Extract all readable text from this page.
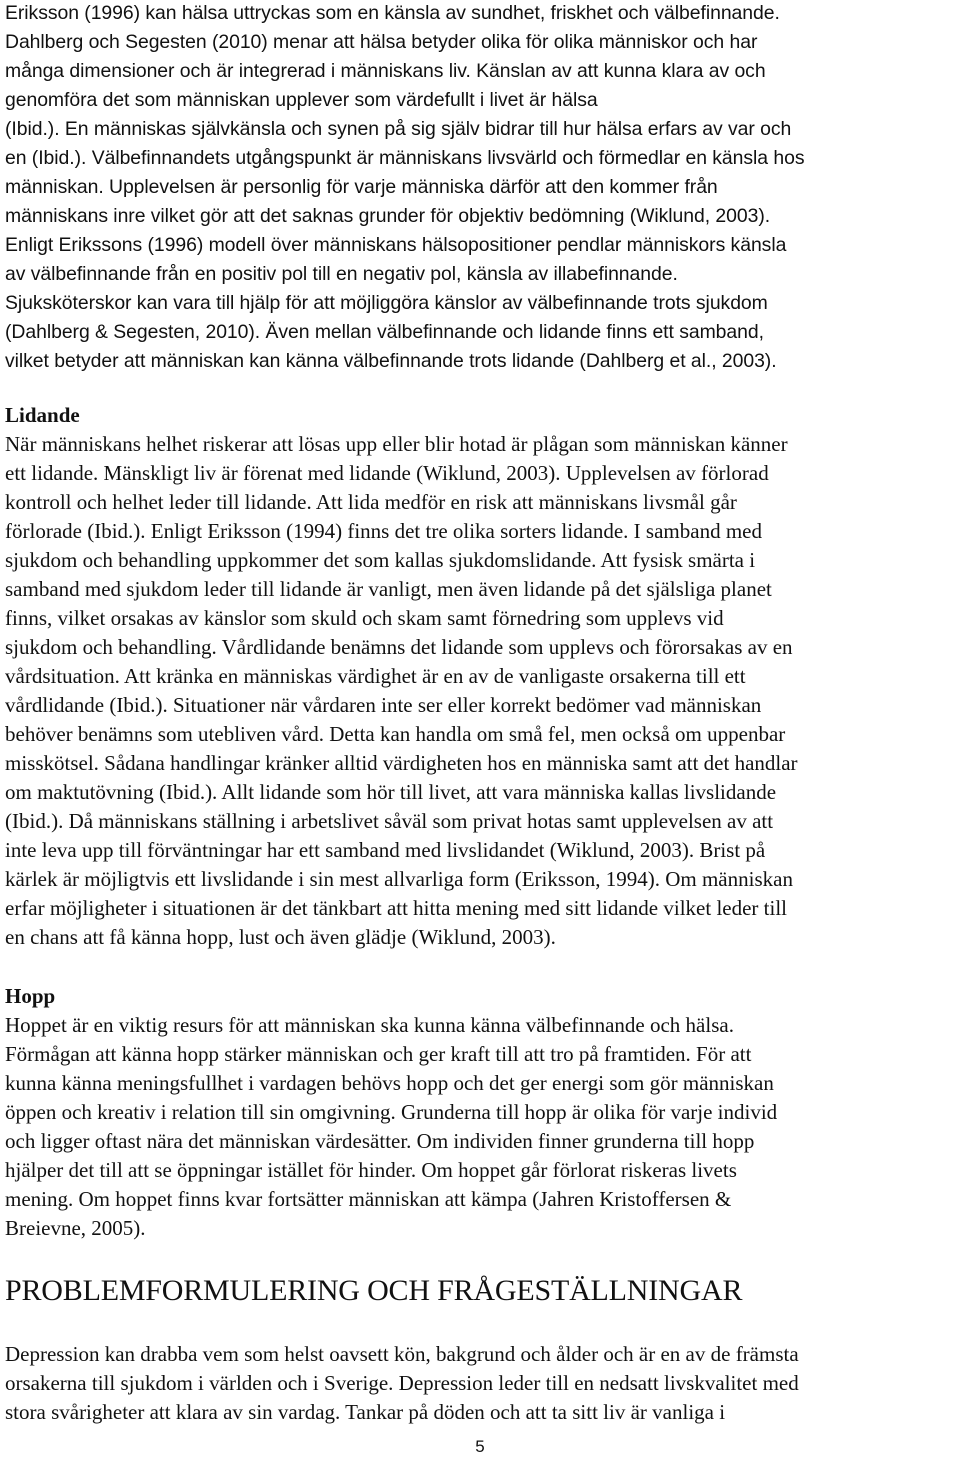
Eriksson (1996) kan hälsa uttryckas som en känsla av sundhet, friskhet och välbefinnande.
Dahlberg och Segesten (2010) menar att hälsa betyder olika för olika människor och har
många dimensioner och är integrerad i människans liv. Känslan av att kunna klara av och
genomföra det som människan upplever som värdefullt i livet är hälsa
(Ibid.). En människas självkänsla och synen på sig själv bidrar till hur hälsa erfars av var och
en (Ibid.). Välbefinnandets utgångspunkt är människans livsvärld och förmedlar en känsla hos
människan. Upplevelsen är personlig för varje människa därför att den kommer från
människans inre vilket gör att det saknas grunder för objektiv bedömning (Wiklund, 2003).
Enligt Erikssons (1996) modell över människans hälsopositioner pendlar människors känsla
av välbefinnande från en positiv pol till en negativ pol, känsla av illabefinnande.
Sjuksköterskor kan vara till hjälp för att möjliggöra känslor av välbefinnande trots sjukdom
(Dahlberg & Segesten, 2010). Även mellan välbefinnande och lidande finns ett samband,
vilket betyder att människan kan känna välbefinnande trots lidande (Dahlberg et al., 2003).
Lidande
När människans helhet riskerar att lösas upp eller blir hotad är plågan som människan känner
ett lidande. Mänskligt liv är förenat med lidande (Wiklund, 2003). Upplevelsen av förlorad
kontroll och helhet leder till lidande. Att lida medför en risk att människans livsmål går
förlorade (Ibid.). Enligt Eriksson (1994) finns det tre olika sorters lidande. I samband med
sjukdom och behandling uppkommer det som kallas sjukdomslidande. Att fysisk smärta i
samband med sjukdom leder till lidande är vanligt, men även lidande på det själsliga planet
finns, vilket orsakas av känslor som skuld och skam samt förnedring som upplevs vid
sjukdom och behandling. Vårdlidande benämns det lidande som upplevs och förorsakas av en
vårdsituation. Att kränka en människas värdighet är en av de vanligaste orsakerna till ett
vårdlidande (Ibid.). Situationer när vårdaren inte ser eller korrekt bedömer vad människan
behöver benämns som utebliven vård. Detta kan handla om små fel, men också om uppenbar
misskötsel. Sådana handlingar kränker alltid värdigheten hos en människa samt att det handlar
om maktutövning (Ibid.). Allt lidande som hör till livet, att vara människa kallas livslidande
(Ibid.). Då människans ställning i arbetslivet såväl som privat hotas samt upplevelsen av att
inte leva upp till förväntningar har ett samband med livslidandet (Wiklund, 2003). Brist på
kärlek är möjligtvis ett livslidande i sin mest allvarliga form (Eriksson, 1994). Om människan
erfar möjligheter i situationen är det tänkbart att hitta mening med sitt lidande vilket leder till
en chans att få känna hopp, lust och även glädje (Wiklund, 2003).
Hopp
Hoppet är en viktig resurs för att människan ska kunna känna välbefinnande och hälsa.
Förmågan att känna hopp stärker människan och ger kraft till att tro på framtiden. För att
kunna känna meningsfullhet i vardagen behövs hopp och det ger energi som gör människan
öppen och kreativ i relation till sin omgivning. Grunderna till hopp är olika för varje individ
och ligger oftast nära det människan värdesätter. Om individen finner grunderna till hopp
hjälper det till att se öppningar istället för hinder. Om hoppet går förlorat riskeras livets
mening. Om hoppet finns kvar fortsätter människan att kämpa (Jahren Kristoffersen &
Breievne, 2005).
PROBLEMFORMULERING OCH FRÅGESTÄLLNINGAR
Depression kan drabba vem som helst oavsett kön, bakgrund och ålder och är en av de främsta
orsakerna till sjukdom i världen och i Sverige. Depression leder till en nedsatt livskvalitet med
stora svårigheter att klara av sin vardag. Tankar på döden och att ta sitt liv är vanliga i
5
